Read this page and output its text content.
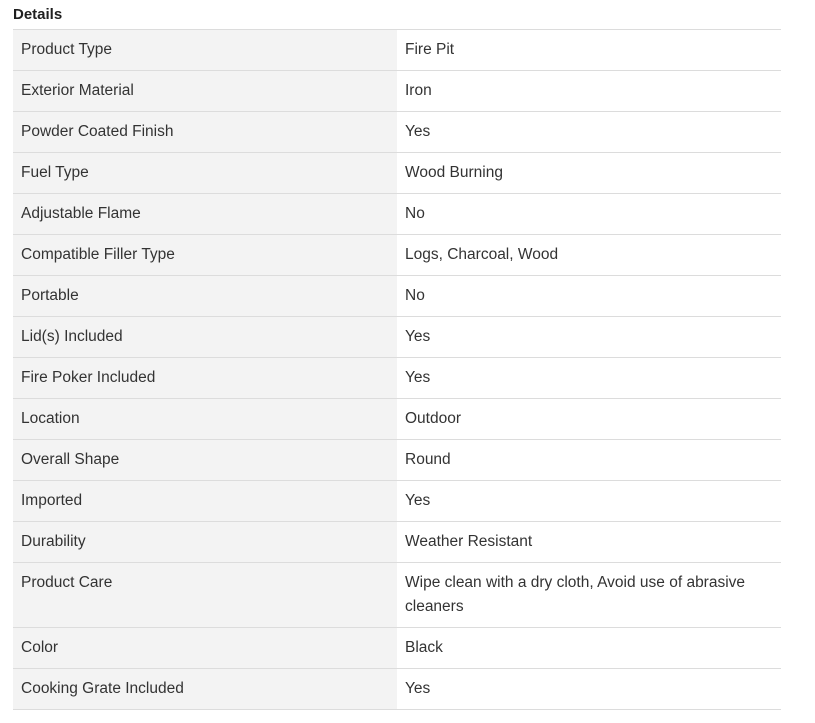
Details
Product Type	Fire Pit
Exterior Material	Iron
Powder Coated Finish	Yes
Fuel Type	Wood Burning
Adjustable Flame	No
Compatible Filler Type	Logs, Charcoal, Wood
Portable	No
Lid(s) Included	Yes
Fire Poker Included	Yes
Location	Outdoor
Overall Shape	Round
Imported	Yes
Durability	Weather Resistant
Product Care	Wipe clean with a dry cloth, Avoid use of abrasive cleaners
Color	Black
Cooking Grate Included	Yes
